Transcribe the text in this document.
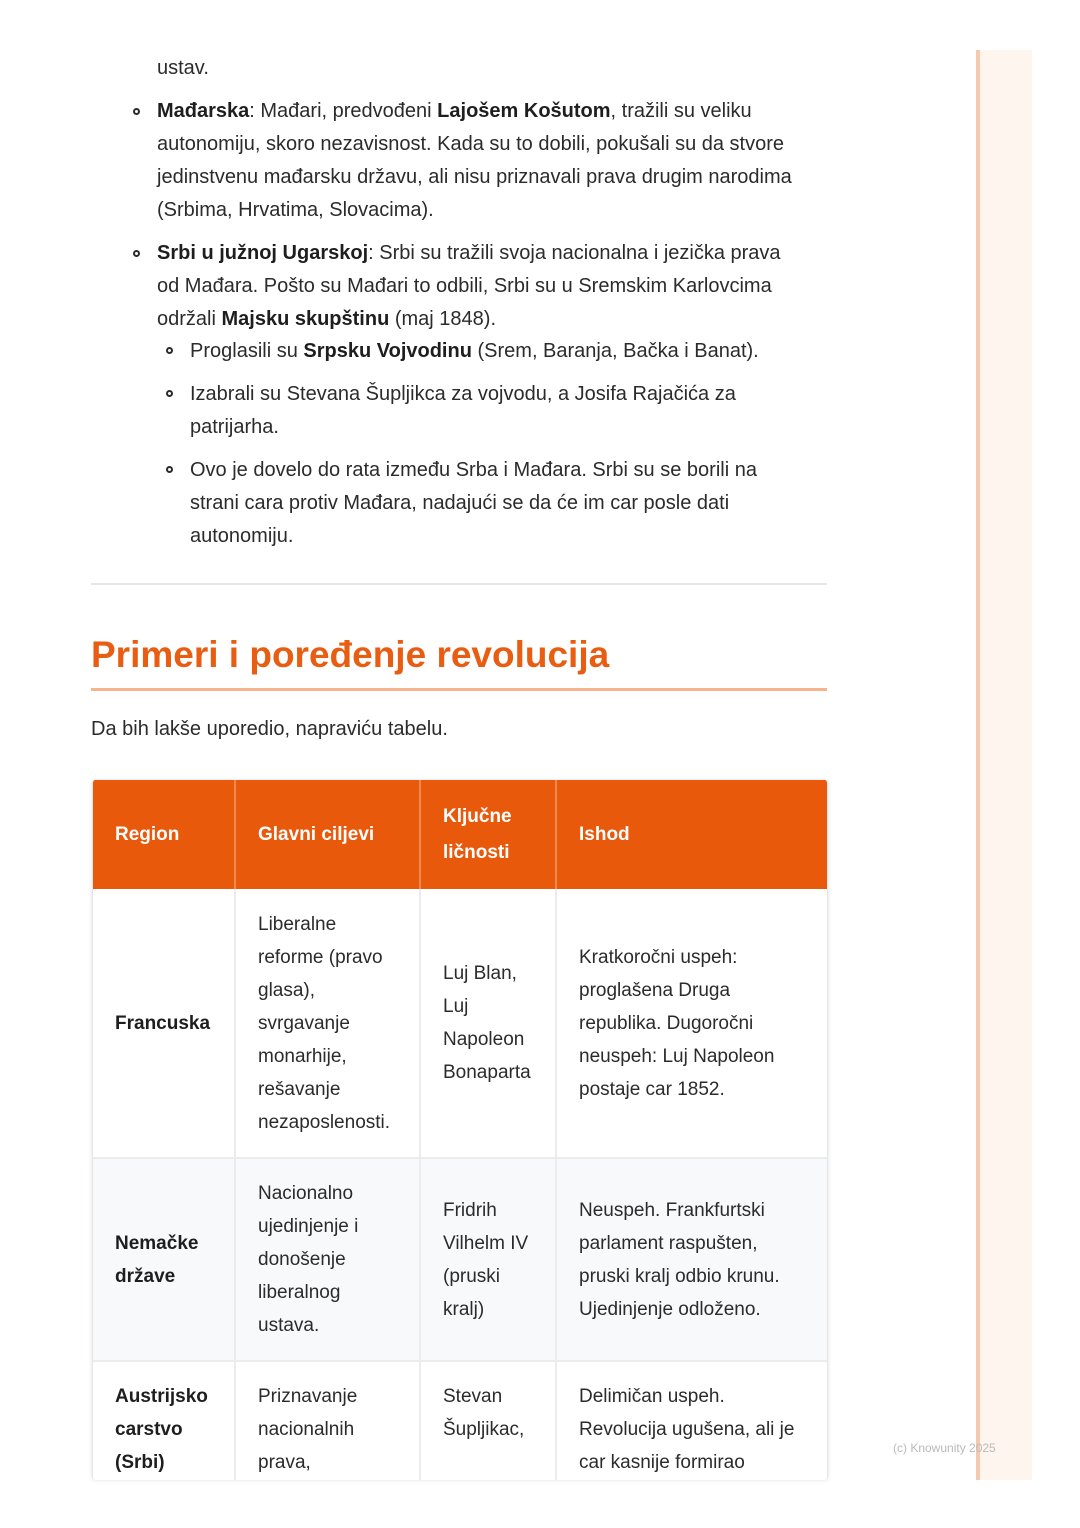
ustav.
Mađarska: Mađari, predvođeni Lajošem Košutom, tražili su veliku
autonomiju, skoro nezavisnost. Kada su to dobili, pokušali su da stvore
jedinstvenu mađarsku državu, ali nisu priznavali prava drugim narodima
(Srbima, Hrvatima, Slovacima).
Srbi u južnoj Ugarskoj: Srbi su tražili svoja nacionalna i jezička prava
od Mađara. Pošto su Mađari to odbili, Srbi su u Sremskim Karlovcima
održali Majsku skupštinu (maj 1848).
Proglasili su Srpsku Vojvodinu (Srem, Baranja, Bačka i Banat).
Izabrali su Stevana Šupljikca za vojvodu, a Josifa Rajačića za
patrijarha.
Ovo je dovelo do rata između Srba i Mađara. Srbi su se borili na
strani cara protiv Mađara, nadajući se da će im car posle dati
autonomiju.
Primeri i poređenje revolucija
Da bih lakše uporedio, napraviću tabelu.
Region	Glavni ciljevi
Ključne
ličnosti
Ishod
Francuska
Liberalne
reforme (pravo
glasa),
svrgavanje
monarhije,
rešavanje
nezaposlenosti.
Luj Blan,
Luj
Napoleon
Bonaparta
Kratkoročni uspeh:
proglašena Druga
republika. Dugoročni
neuspeh: Luj Napoleon
postaje car 1852.
Nemačke
države
Nacionalno
ujedinjenje i
donošenje
liberalnog
ustava.
Fridrih
Vilhelm IV
(pruski
kralj)
Neuspeh. Frankfurtski
parlament raspušten,
pruski kralj odbio krunu.
Ujedinjenje odloženo.
Austrijsko
carstvo
(Srbi)
Priznavanje
nacionalnih
prava,
Stevan
Šupljikac,
Delimičan uspeh.
Revolucija ugušena, ali je
car kasnije formirao
(c) Knowunity 2025
